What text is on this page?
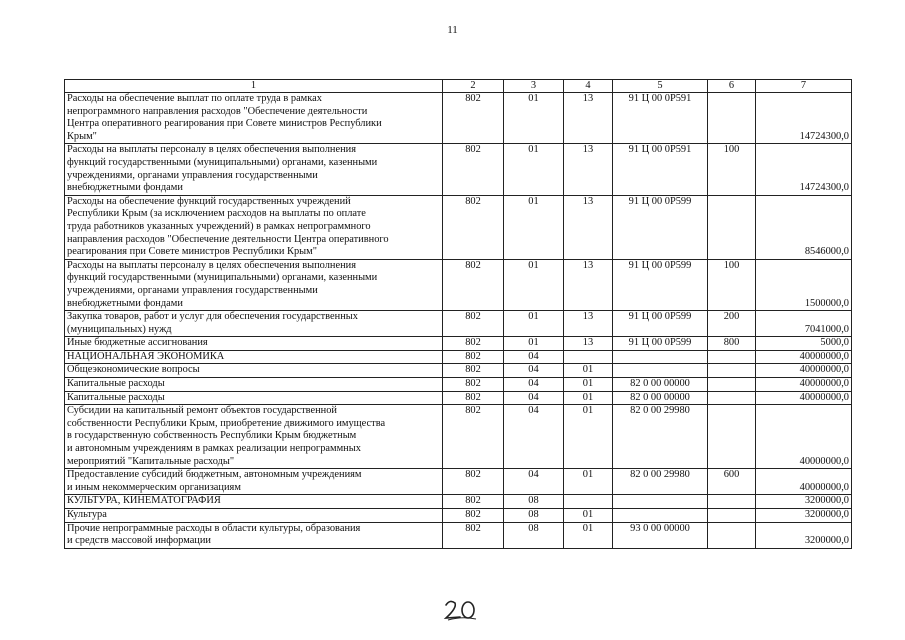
11
1	2	3	4	5	6	7
Расходы на обеспечение выплат по оплате труда в рамках
непрограммного направления расходов "Обеспечение деятельности
Центра оперативного реагирования при Совете министров Республики
Крым"	802	01	13	91 Ц 00 0Р591		14724300,0
Расходы на выплаты персоналу в целях обеспечения выполнения
функций государственными (муниципальными) органами, казенными
учреждениями, органами управления государственными
внебюджетными фондами	802	01	13	91 Ц 00 0Р591	100	14724300,0
Расходы на обеспечение функций государственных учреждений
Республики Крым (за исключением расходов на выплаты по оплате
труда работников указанных учреждений) в рамках непрограммного
направления расходов "Обеспечение деятельности Центра оперативного
реагирования при Совете министров Республики Крым"	802	01	13	91 Ц 00 0Р599		8546000,0
Расходы на выплаты персоналу в целях обеспечения выполнения
функций государственными (муниципальными) органами, казенными
учреждениями, органами управления государственными
внебюджетными фондами	802	01	13	91 Ц 00 0Р599	100	1500000,0
Закупка товаров, работ и услуг для обеспечения государственных
(муниципальных) нужд	802	01	13	91 Ц 00 0Р599	200	7041000,0
Иные бюджетные ассигнования	802	01	13	91 Ц 00 0Р599	800	5000,0
НАЦИОНАЛЬНАЯ ЭКОНОМИКА	802	04				40000000,0
Общеэкономические вопросы	802	04	01			40000000,0
Капитальные расходы	802	04	01	82 0 00 00000		40000000,0
Капитальные расходы	802	04	01	82 0 00 00000		40000000,0
Субсидии на капитальный ремонт объектов государственной
собственности Республики Крым, приобретение движимого имущества
в государственную собственность Республики Крым бюджетным
и автономным учреждениям в рамках реализации непрограммных
мероприятий "Капитальные расходы"	802	04	01	82 0 00 29980		40000000,0
Предоставление субсидий бюджетным, автономным учреждениям
и иным некоммерческим организациям	802	04	01	82 0 00 29980	600	40000000,0
КУЛЬТУРА, КИНЕМАТОГРАФИЯ	802	08				3200000,0
Культура	802	08	01			3200000,0
Прочие непрограммные расходы в области культуры, образования
и средств массовой информации	802	08	01	93 0 00 00000		3200000,0
